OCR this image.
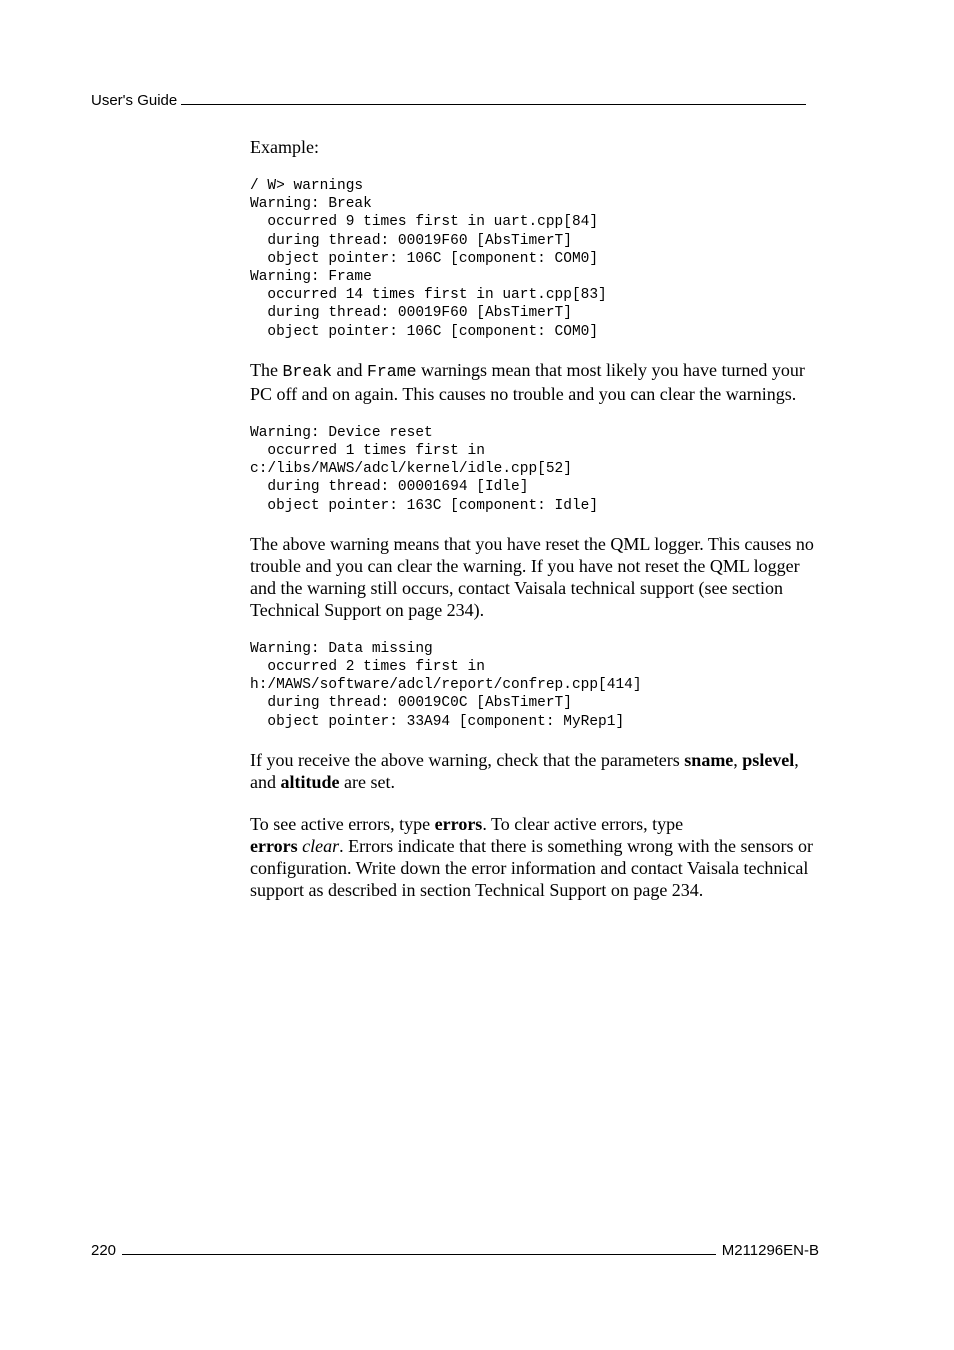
User's Guide

Example:

/ W> warnings
Warning: Break
occurred 9 times first in uart.cpp[84]
during thread: 00019F60 [AbsTimerT]
object pointer: 106C [component: COM0]
Warning: Frame
occurred 14 times first in uart.cpp[83]
during thread: 00019F60 [AbsTimerT]
object pointer: 106C [component: COM0]

The Break and Frame warnings mean that most likely you have turned your PC off and on again. This causes no trouble and you can clear the warnings.

Warning: Device reset
occurred 1 times first in
c:/libs/MAWS/adcl/kernel/idle.cpp[52]
during thread: 00001694 [Idle]
object pointer: 163C [component: Idle]

The above warning means that you have reset the QML logger. This causes no trouble and you can clear the warning. If you have not reset the QML logger and the warning still occurs, contact Vaisala technical support (see section Technical Support on page 234).

Warning: Data missing
occurred 2 times first in
h:/MAWS/software/adcl/report/confrep.cpp[414]
during thread: 00019C0C [AbsTimerT]
object pointer: 33A94 [component: MyRep1]

If you receive the above warning, check that the parameters sname, pslevel, and altitude are set.

To see active errors, type errors. To clear active errors, type
errors clear. Errors indicate that there is something wrong with the sensors or configuration. Write down the error information and contact Vaisala technical support as described in section Technical Support on page 234.

220	M211296EN-B
